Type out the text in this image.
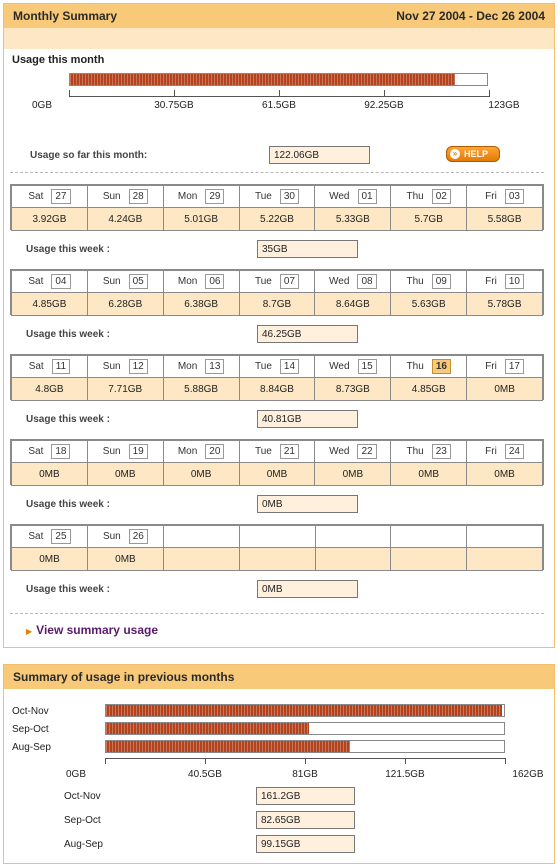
Monthly Summary	Nov 27 2004 - Dec 26 2004
Usage this month
0GB	30.75GB	61.5GB	92.25GB	123GB
Usage so far this month:	122.06GB	» HELP
Sat 27	Sun 28	Mon 29	Tue 30	Wed 01	Thu 02	Fri 03
3.92GB	4.24GB	5.01GB	5.22GB	5.33GB	5.7GB	5.58GB
Usage this week :	35GB
Sat 04	Sun 05	Mon 06	Tue 07	Wed 08	Thu 09	Fri 10
4.85GB	6.28GB	6.38GB	8.7GB	8.64GB	5.63GB	5.78GB
Usage this week :	46.25GB
Sat 11	Sun 12	Mon 13	Tue 14	Wed 15	Thu 16	Fri 17
4.8GB	7.71GB	5.88GB	8.84GB	8.73GB	4.85GB	0MB
Usage this week :	40.81GB
Sat 18	Sun 19	Mon 20	Tue 21	Wed 22	Thu 23	Fri 24
0MB	0MB	0MB	0MB	0MB	0MB	0MB
Usage this week :	0MB
Sat 25	Sun 26					
0MB	0MB					
Usage this week :	0MB
▶ View summary usage
Summary of usage in previous months
Oct-Nov
Sep-Oct
Aug-Sep
0GB	40.5GB	81GB	121.5GB	162GB
Oct-Nov	161.2GB
Sep-Oct	82.65GB
Aug-Sep	99.15GB
